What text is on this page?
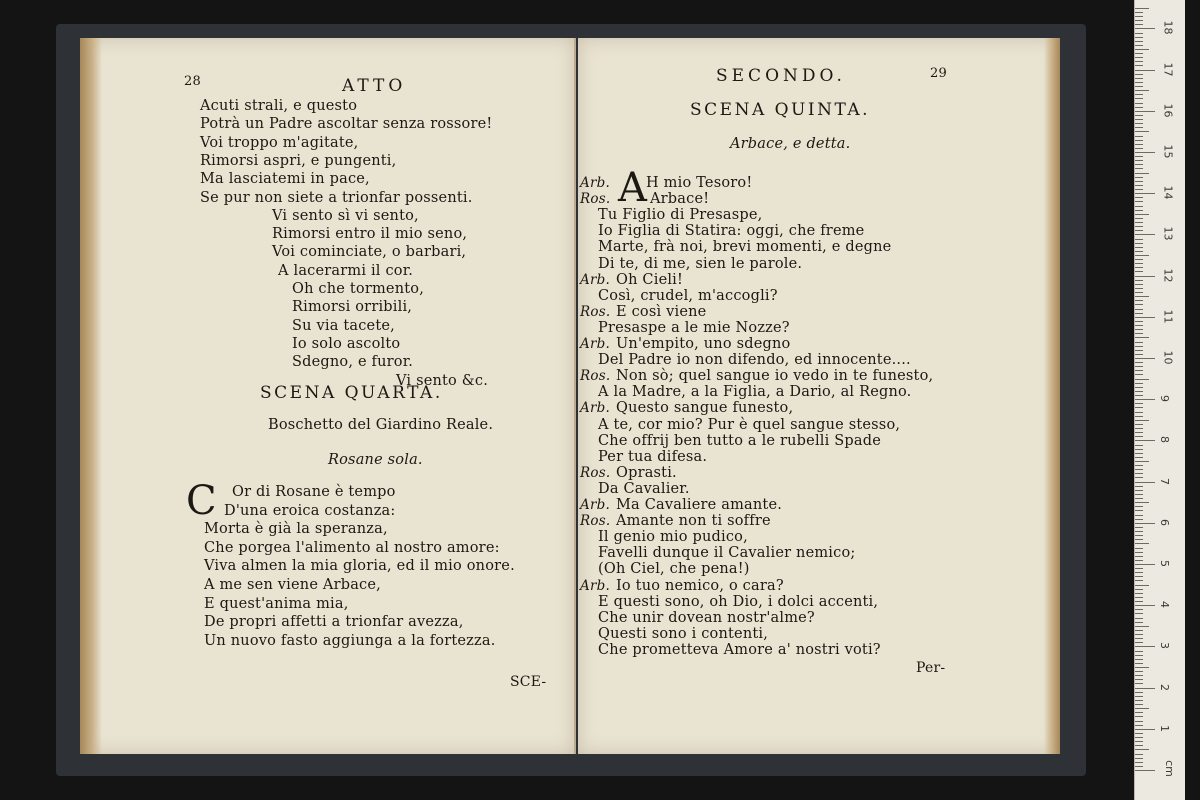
28	ATTO
Acuti strali, e questo
Potrà un Padre ascoltar senza rossore!
Voi troppo m'agitate,
Rimorsi aspri, e pungenti,
Ma lasciatemi in pace,
Se pur non siete a trionfar possenti.
Vi sento sì vi sento,
Rimorsi entro il mio seno,
Voi cominciate, o barbari,
A lacerarmi il cor.
Oh che tormento,
Rimorsi orribili,
Su via tacete,
Io solo ascolto
Sdegno, e furor.
Vi sento &c.
SCENA QUARTA.
Boschetto del Giardino Reale.
Rosane sola.
C Or di Rosane è tempo
D'una eroica costanza:
Morta è già la speranza,
Che porgea l'alimento al nostro amore:
Viva almen la mia gloria, ed il mio onore.
A me sen viene Arbace,
E quest'anima mia,
De propri affetti a trionfar avezza,
Un nuovo fasto aggiunga a la fortezza.
SCE-
SECONDO.	29
SCENA QUINTA.
Arbace, e detta.
A
Arb. H mio Tesoro!
Ros.	Arbace!
Tu Figlio di Presaspe,
Io Figlia di Statira: oggi, che freme
Marte, frà noi, brevi momenti, e degne
Di te, di me, sien le parole.
Arb. Oh Cieli!
Così, crudel, m'accogli?
Ros. E così viene
Presaspe a le mie Nozze?
Arb. Un'empito, uno sdegno
Del Padre io non difendo, ed innocente....
Ros. Non sò; quel sangue io vedo in te funesto,
A la Madre, a la Figlia, a Dario, al Regno.
Arb. Questo sangue funesto,
A te, cor mio? Pur è quel sangue stesso,
Che offrij ben tutto a le rubelli Spade
Per tua difesa.
Ros. Oprasti.
Da Cavalier.
Arb. Ma Cavaliere amante.
Ros. Amante non ti soffre
Il genio mio pudico,
Favelli dunque il Cavalier nemico;
(Oh Ciel, che pena!)
Arb. Io tuo nemico, o cara?
E questi sono, oh Dio, i dolci accenti,
Che unir dovean nostr'alme?
Questi sono i contenti,
Che prometteva Amore a' nostri voti?
Per-
cm
1
2
3
4
5
6
7
8
9
10
11
12
13
14
15
16
17
18
